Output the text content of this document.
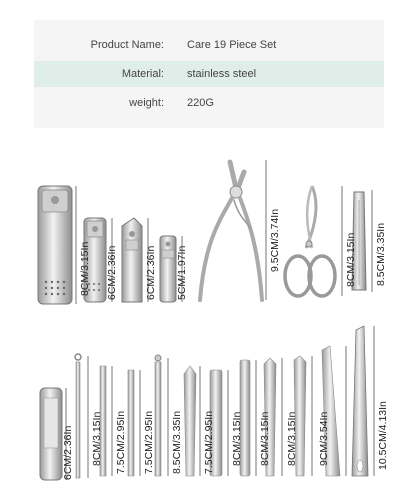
Product Name: Care 19 Piece Set
Material: stainless steel
weight: 220G
8CM/3.15In 6CM/2.36In	6CM/2.36In 5CM/1.97In
9.5CM/3.74In	8CM/3.15In 8.5CM/3.35In
6CM/2.36In 8CM/3.15In 7.5CM/2.95In 7.5CM/2.95In 8.5CM/3.35In 7.5CM/2.95In 8CM/3.15In 8CM/3.15In 8CM/3.15In 9CM/3.54In	10.5CM/4.13In
